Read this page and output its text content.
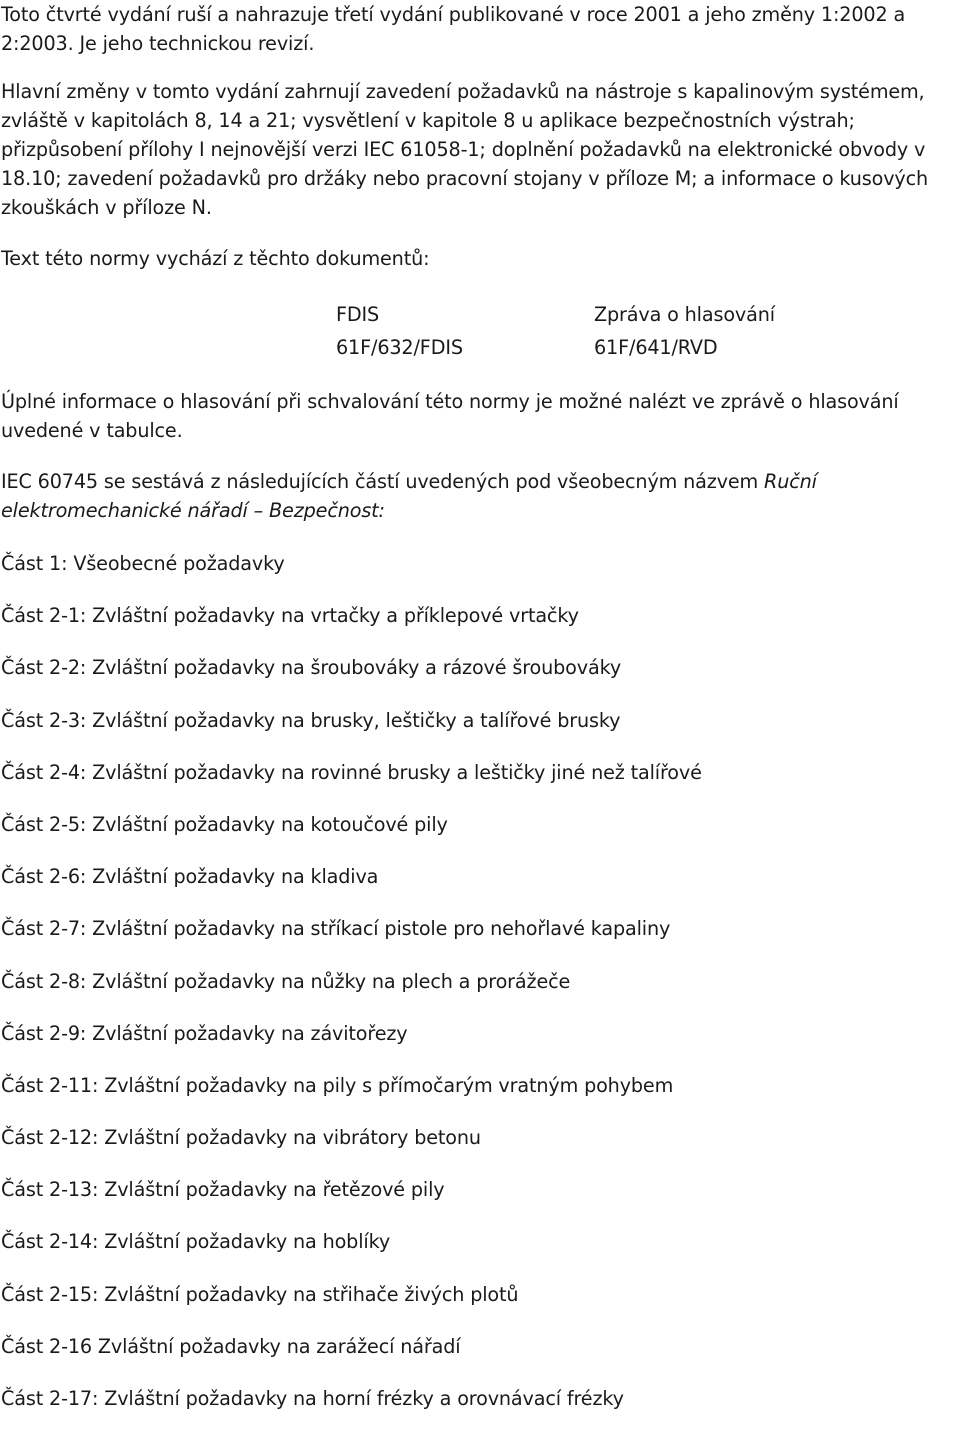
Toto čtvrté vydání ruší a nahrazuje třetí vydání publikované v roce 2001 a jeho změny 1:2002 a 2:2003. Je jeho technickou revizí.

Hlavní změny v tomto vydání zahrnují zavedení požadavků na nástroje s kapalinovým systémem, zvláště v kapitolách 8, 14 a 21; vysvětlení v kapitole 8 u aplikace bezpečnostních výstrah; přizpůsobení přílohy I nejnovější verzi IEC 61058-1; doplnění požadavků na elektronické obvody v 18.10; zavedení požadavků pro držáky nebo pracovní stojany v příloze M; a informace o kusových zkouškách v příloze N.

Text této normy vychází z těchto dokumentů:

FDIS	Zpráva o hlasování
61F/632/FDIS	61F/641/RVD

Úplné informace o hlasování při schvalování této normy je možné nalézt ve zprávě o hlasování uvedené v tabulce.

IEC 60745 se sestává z následujících částí uvedených pod všeobecným názvem Ruční elektromechanické nářadí – Bezpečnost:

Část 1: Všeobecné požadavky
Část 2-1: Zvláštní požadavky na vrtačky a příklepové vrtačky
Část 2-2: Zvláštní požadavky na šroubováky a rázové šroubováky
Část 2-3: Zvláštní požadavky na brusky, leštičky a talířové brusky
Část 2-4: Zvláštní požadavky na rovinné brusky a leštičky jiné než talířové
Část 2-5: Zvláštní požadavky na kotoučové pily
Část 2-6: Zvláštní požadavky na kladiva
Část 2-7: Zvláštní požadavky na stříkací pistole pro nehořlavé kapaliny
Část 2-8: Zvláštní požadavky na nůžky na plech a prorážeče
Část 2-9: Zvláštní požadavky na závitořezy
Část 2-11: Zvláštní požadavky na pily s přímočarým vratným pohybem
Část 2-12: Zvláštní požadavky na vibrátory betonu
Část 2-13: Zvláštní požadavky na řetězové pily
Část 2-14: Zvláštní požadavky na hoblíky
Část 2-15: Zvláštní požadavky na střihače živých plotů
Část 2-16 Zvláštní požadavky na zarážecí nářadí
Část 2-17: Zvláštní požadavky na horní frézky a orovnávací frézky
